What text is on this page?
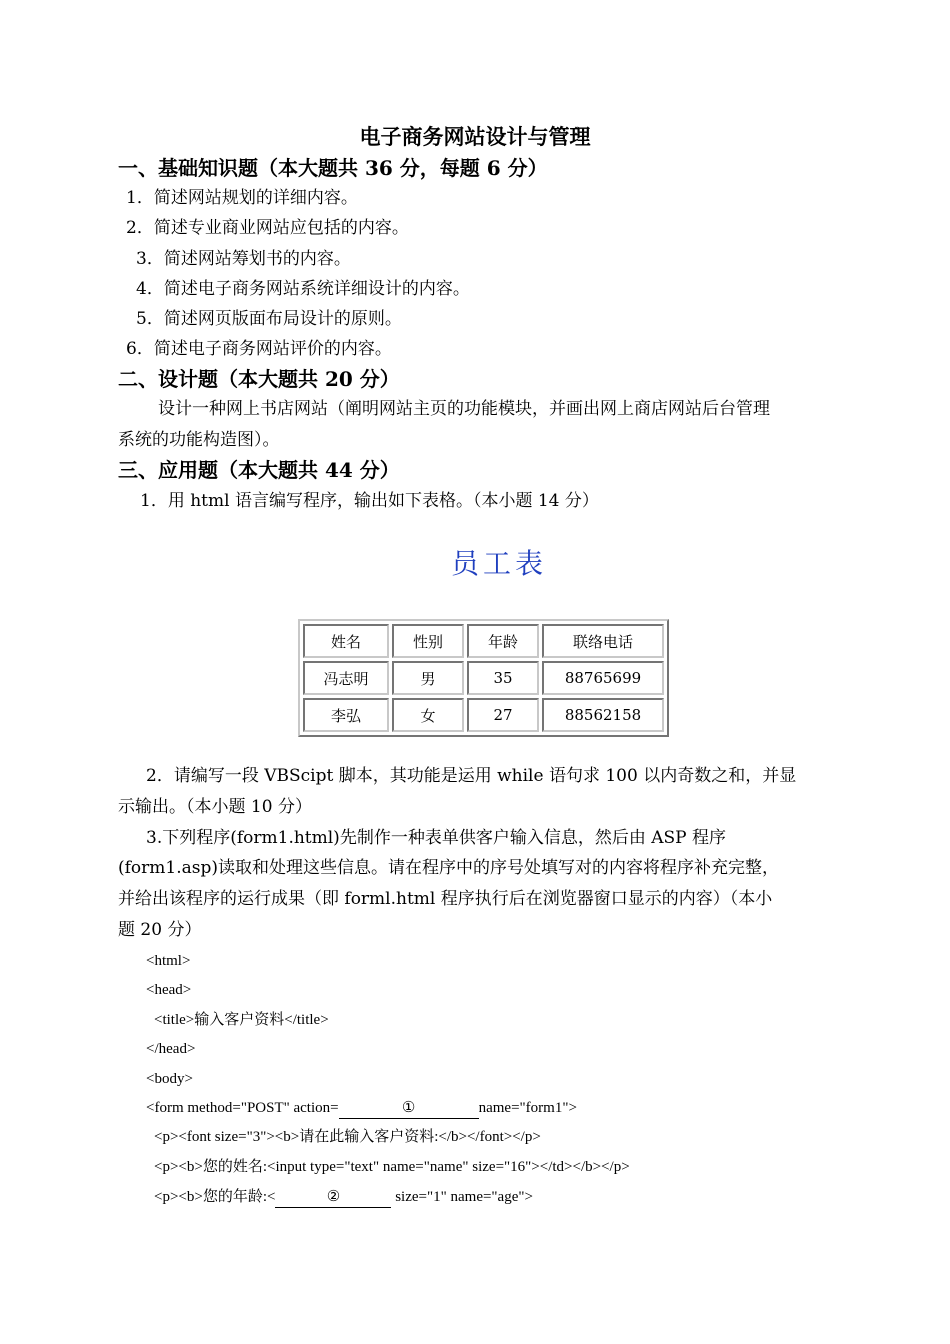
电子商务网站设计与管理
一、基础知识题（本大题共 36 分，每题 6 分）
1．简述网站规划的详细内容。
2．简述专业商业网站应包括的内容。
3．简述网站筹划书的内容。
4．简述电子商务网站系统详细设计的内容。
5．简述网页版面布局设计的原则。
6．简述电子商务网站评价的内容。
二、设计题（本大题共 20 分）
设计一种网上书店网站（阐明网站主页的功能模块，并画出网上商店网站后台管理
系统的功能构造图）。
三、应用题（本大题共 44 分）
1．用 html 语言编写程序，输出如下表格。（本小题 14 分）
员工表
姓名	性别	年龄	联络电话
冯志明	男	35	88765699
李弘	女	27	88562158
2．请编写一段 VBScipt 脚本，其功能是运用 while 语句求 100 以内奇数之和，并显
示输出。（本小题 10 分）
3.下列程序(form1.html)先制作一种表单供客户输入信息，然后由 ASP 程序
(form1.asp)读取和处理这些信息。请在程序中的序号处填写对的内容将程序补充完整，
并给出该程序的运行成果（即 forml.html 程序执行后在浏览器窗口显示的内容）（本小
题 20 分）
<html>
<head>
<title>输入客户资料</title>
</head>
<body>
<form method="POST" action=	①	name="form1">
<p><font size="3"><b>请在此输入客户资料:</b></font></p>
<p><b>您的姓名:<input type="text" name="name" size="16"></td></b></p>
<p><b>您的年龄:<	②	size="1" name="age">
